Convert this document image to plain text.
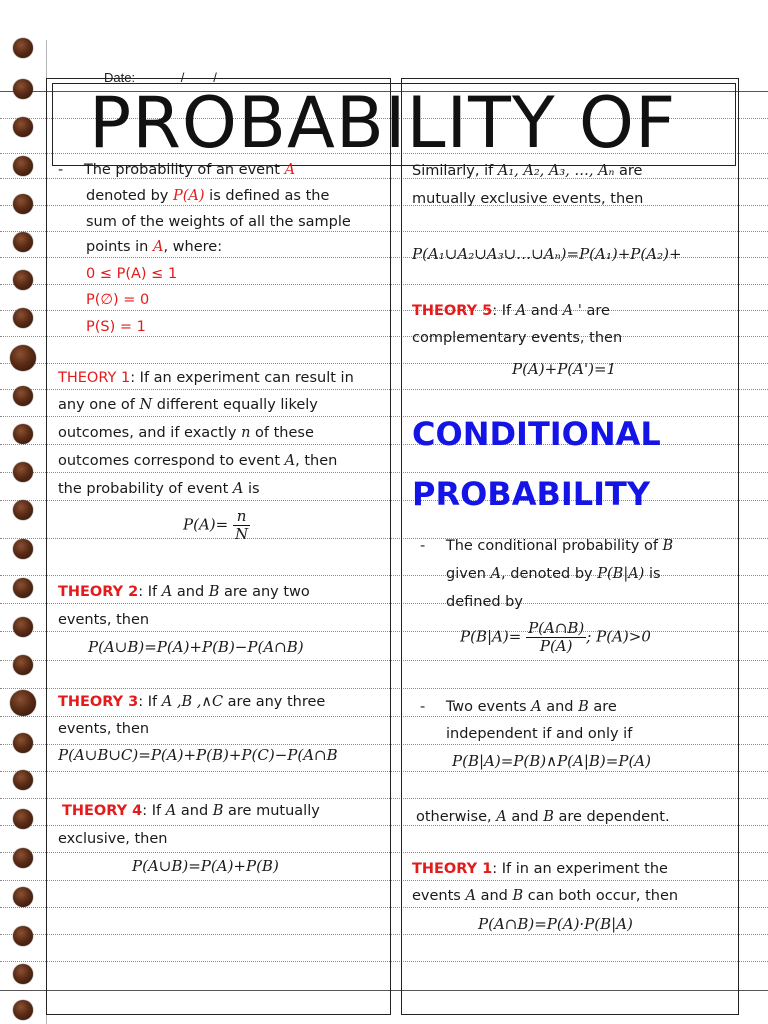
Date:	/        /
PROBABILITY OF
- The probability of an event A
denoted by P(A) is defined as the
sum of the weights of all the sample
points in A, where:
0 ≤ P(A) ≤ 1
P(∅) = 0
P(S) = 1
THEORY 1: If an experiment can result in
any one of N different equally likely
outcomes, and if exactly n of these
outcomes correspond to event A, then
the probability of event A is
$P(A)= \frac{n}{N}$
THEORY 2: If A and B are any two
events, then
P(A∪B)=P(A)+P(B)−P(A∩B)
THEORY 3: If A ,B ,∧C are any three
events, then
P(A∪B∪C)=P(A)+P(B)+P(C)−P(A∩B
THEORY 4: If A and B are mutually
exclusive, then
P(A∪B)=P(A)+P(B)
Similarly, if A₁, A₂, A₃, …, Aₙ are
mutually exclusive events, then
P(A₁∪A₂∪A₃∪…∪Aₙ)=P(A₁)+P(A₂)+
THEORY 5: If A and A ' are
complementary events, then
P(A)+P(A')=1
CONDITIONAL
PROBABILITY
- The conditional probability of B
given A, denoted by P(B|A) is
defined by
$P(B|A)= \frac{P(A\cap B)}{P(A)}$ ; P(A)>0
- Two events A and B are
independent if and only if
P(B|A)=P(B)∧P(A|B)=P(A)
otherwise, A and B are dependent.
THEORY 1: If in an experiment the
events A and B can both occur, then
P(A∩B)=P(A)·P(B|A)
